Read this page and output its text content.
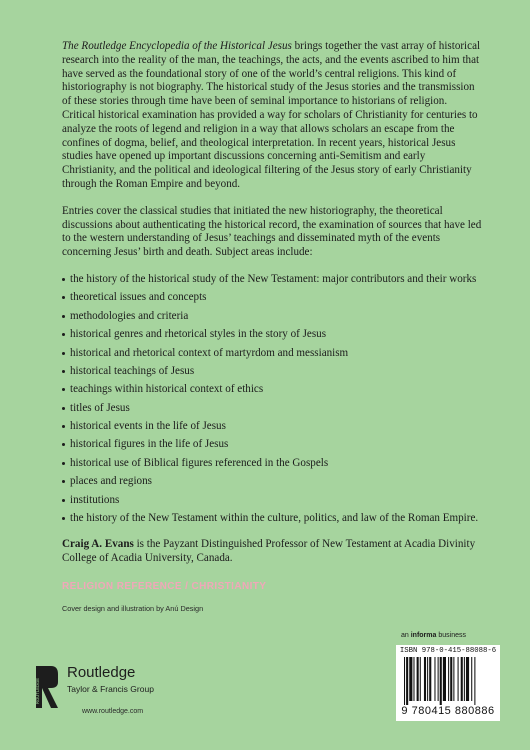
The Routledge Encyclopedia of the Historical Jesus brings together the vast array of historical research into the reality of the man, the teachings, the acts, and the events ascribed to him that have served as the foundational story of one of the world’s central religions. This kind of historiography is not biography. The historical study of the Jesus stories and the transmission of these stories through time have been of seminal importance to historians of religion. Critical historical examination has provided a way for scholars of Christianity for centuries to analyze the roots of legend and religion in a way that allows scholars an escape from the confines of dogma, belief, and theological interpretation. In recent years, historical Jesus studies have opened up important discussions concerning anti-Semitism and early Christianity, and the political and ideological filtering of the Jesus story of early Christianity through the Roman Empire and beyond.

Entries cover the classical studies that initiated the new historiography, the theoretical discussions about authenticating the historical record, the examination of sources that have led to the western understanding of Jesus’ teachings and disseminated myth of the events concerning Jesus’ birth and death. Subject areas include:

the history of the historical study of the New Testament: major contributors and their works
theoretical issues and concepts
methodologies and criteria
historical genres and rhetorical styles in the story of Jesus
historical and rhetorical context of martyrdom and messianism
historical teachings of Jesus
teachings within historical context of ethics
titles of Jesus
historical events in the life of Jesus
historical figures in the life of Jesus
historical use of Biblical figures referenced in the Gospels
places and regions
institutions
the history of the New Testament within the culture, politics, and law of the Roman Empire.

Craig A. Evans is the Payzant Distinguished Professor of New Testament at Acadia Divinity College of Acadia University, Canada.

RELIGION REFERENCE / CHRISTIANITY
Cover design and illustration by Anú Design
ROUTLEDGE
Routledge
Taylor & Francis Group
www.routledge.com
an informa business
ISBN 978-0-415-88088-6
9 780415 880886
